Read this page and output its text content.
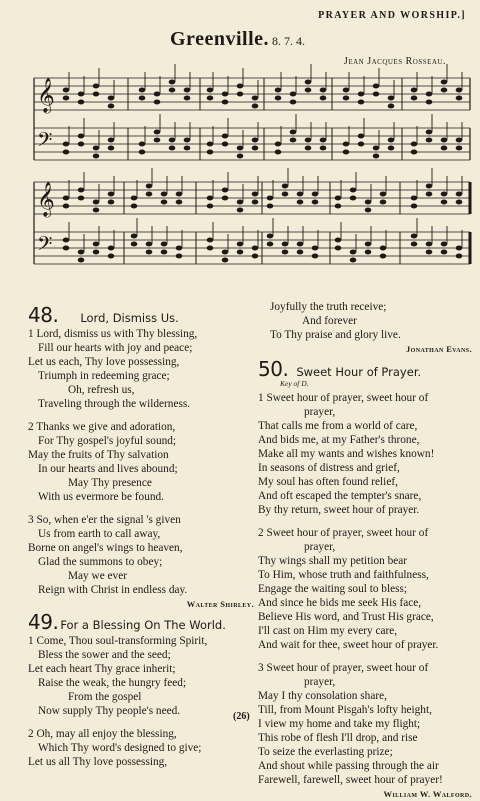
PRAYER AND WORSHIP.]
Greenville. 8. 7. 4.
Jean Jacques Rosseau.
𝄞
𝄢
𝄞
𝄢
48. Lord, Dismiss Us.
1 Lord, dismiss us with Thy blessing,
Fill our hearts with joy and peace;
Let us each, Thy love possessing,
Triumph in redeeming grace;
Oh, refresh us,
Traveling through the wilderness.
2 Thanks we give and adoration,
For Thy gospel's joyful sound;
May the fruits of Thy salvation
In our hearts and lives abound;
May Thy presence
With us evermore be found.
3 So, when e'er the signal 's given
Us from earth to call away,
Borne on angel's wings to heaven,
Glad the summons to obey;
May we ever
Reign with Christ in endless day.
Walter Shirley.
49. For a Blessing On The World.
1 Come, Thou soul-transforming Spirit,
Bless the sower and the seed;
Let each heart Thy grace inherit;
Raise the weak, the hungry feed;
From the gospel
Now supply Thy people's need.
2 Oh, may all enjoy the blessing,
Which Thy word's designed to give;
Let us all Thy love possessing,
Joyfully the truth receive;
And forever
To Thy praise and glory live.
Jonathan Evans.
50. Sweet Hour of Prayer.
Key of D.
1 Sweet hour of prayer, sweet hour of
prayer,
That calls me from a world of care,
And bids me, at my Father's throne,
Make all my wants and wishes known!
In seasons of distress and grief,
My soul has often found relief,
And oft escaped the tempter's snare,
By thy return, sweet hour of prayer.
2 Sweet hour of prayer, sweet hour of
prayer,
Thy wings shall my petition bear
To Him, whose truth and faithfulness,
Engage the waiting soul to bless;
And since he bids me seek His face,
Believe His word, and Trust His grace,
I'll cast on Him my every care,
And wait for thee, sweet hour of prayer.
3 Sweet hour of prayer, sweet hour of
prayer,
May I thy consolation share,
Till, from Mount Pisgah's lofty height,
I view my home and take my flight;
This robe of flesh I'll drop, and rise
To seize the everlasting prize;
And shout while passing through the air
Farewell, farewell, sweet hour of prayer!
William W. Walford.
(26)
